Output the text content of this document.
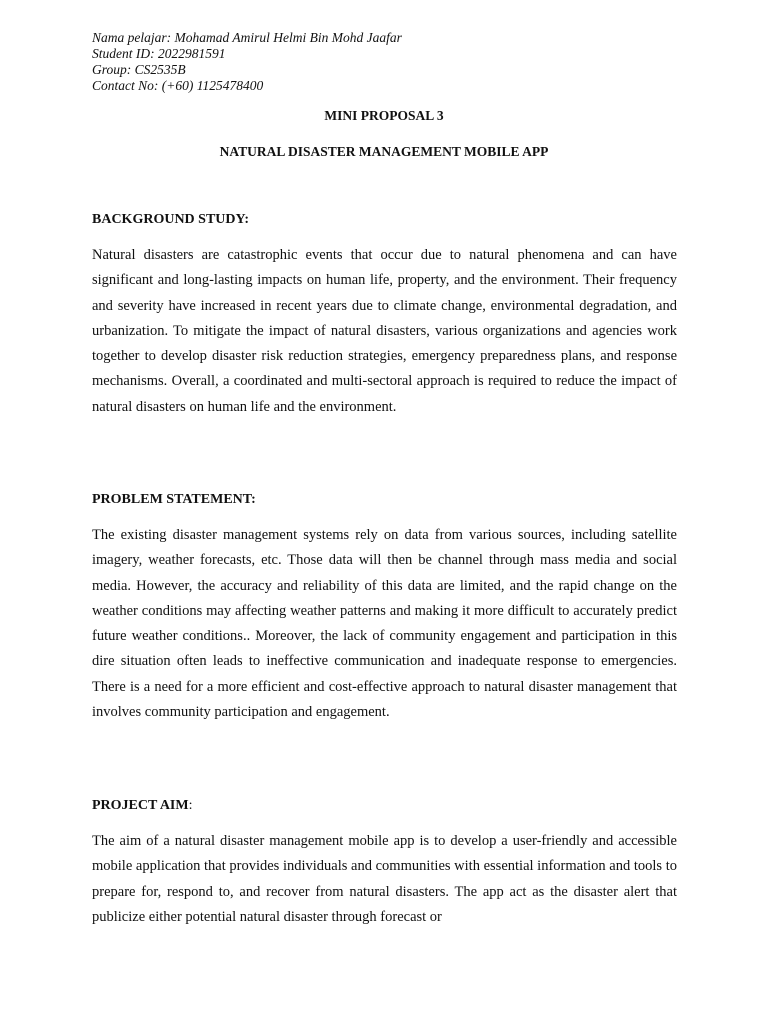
Nama pelajar: Mohamad Amirul Helmi Bin Mohd Jaafar
Student ID: 2022981591
Group: CS2535B
Contact No: (+60) 1125478400
MINI PROPOSAL 3
NATURAL DISASTER MANAGEMENT MOBILE APP
BACKGROUND STUDY:

Natural disasters are catastrophic events that occur due to natural phenomena and can have significant and long-lasting impacts on human life, property, and the environment. Their frequency and severity have increased in recent years due to climate change, environmental degradation, and urbanization. To mitigate the impact of natural disasters, various organizations and agencies work together to develop disaster risk reduction strategies, emergency preparedness plans, and response mechanisms. Overall, a coordinated and multi-sectoral approach is required to reduce the impact of natural disasters on human life and the environment.

PROBLEM STATEMENT:

The existing disaster management systems rely on data from various sources, including satellite imagery, weather forecasts, etc. Those data will then be channel through mass media and social media. However, the accuracy and reliability of this data are limited, and the rapid change on the weather conditions may affecting weather patterns and making it more difficult to accurately predict future weather conditions.. Moreover, the lack of community engagement and participation in this dire situation often leads to ineffective communication and inadequate response to emergencies. There is a need for a more efficient and cost-effective approach to natural disaster management that involves community participation and engagement.

PROJECT AIM:

The aim of a natural disaster management mobile app is to develop a user-friendly and accessible mobile application that provides individuals and communities with essential information and tools to prepare for, respond to, and recover from natural disasters. The app act as the disaster alert that publicize either potential natural disaster through forecast or
